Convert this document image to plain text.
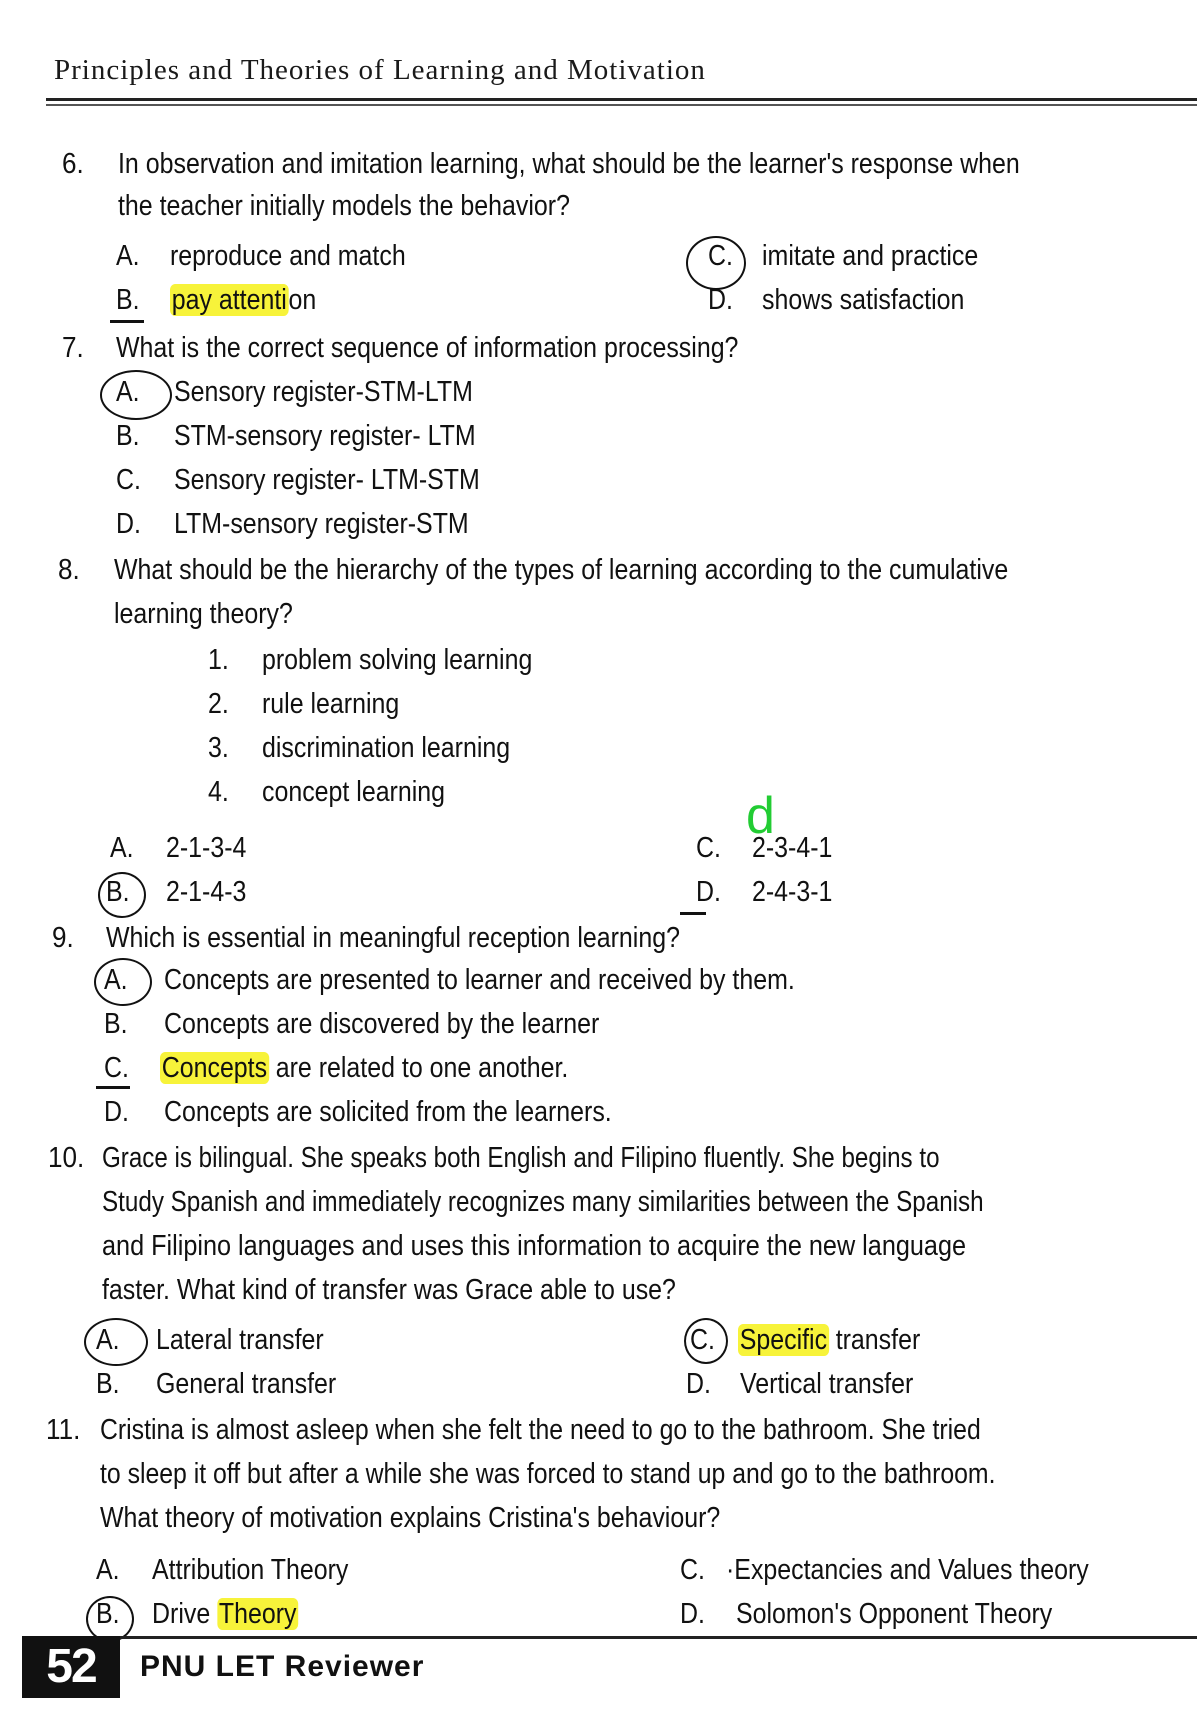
Principles and Theories of Learning and Motivation
6. In observation and imitation learning, what should be the learner's response when
the teacher initially models the behavior?
A. reproduce and match
B. pay attention
C. imitate and practice
D. shows satisfaction
7. What is the correct sequence of information processing?
A. Sensory register-STM-LTM
B. STM-sensory register- LTM
C. Sensory register- LTM-STM
D. LTM-sensory register-STM
8. What should be the hierarchy of the types of learning according to the cumulative
learning theory?
1. problem solving learning
2. rule learning
3. discrimination learning
4. concept learning
A. 2-1-3-4
B. 2-1-4-3
C. 2-3-4-1
d
D. 2-4-3-1
9. Which is essential in meaningful reception learning?
A. Concepts are presented to learner and received by them.
B. Concepts are discovered by the learner
C. Concepts are related to one another.
D. Concepts are solicited from the learners.
10. Grace is bilingual. She speaks both English and Filipino fluently. She begins to
Study Spanish and immediately recognizes many similarities between the Spanish
and Filipino languages and uses this information to acquire the new language
faster. What kind of transfer was Grace able to use?
A. Lateral transfer
B. General transfer
C. Specific transfer
D. Vertical transfer
11. Cristina is almost asleep when she felt the need to go to the bathroom. She tried
to sleep it off but after a while she was forced to stand up and go to the bathroom.
What theory of motivation explains Cristina's behaviour?
A. Attribution Theory
B. Drive Theory
C. ·Expectancies and Values theory
D. Solomon's Opponent Theory
52	PNU LET Reviewer
